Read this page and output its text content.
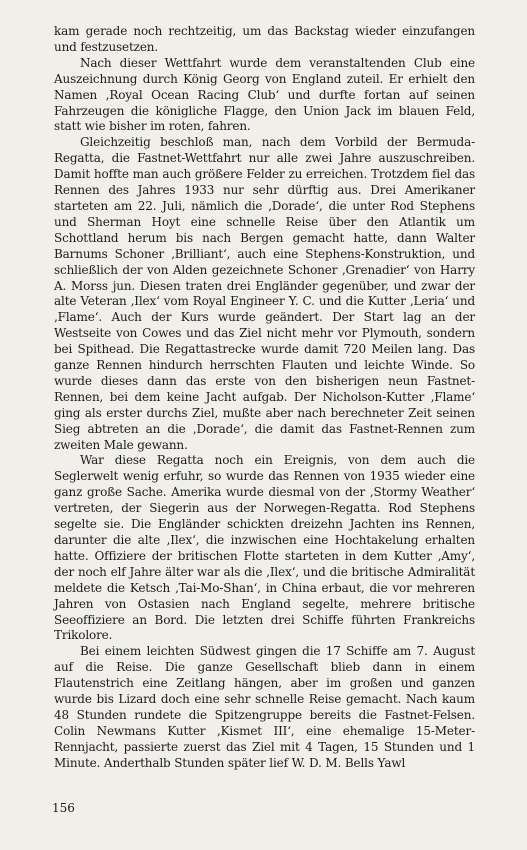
kam gerade noch rechtzeitig, um das Backstag wieder einzufangen und festzusetzen.

Nach dieser Wettfahrt wurde dem veranstaltenden Club eine Auszeichnung durch König Georg von England zuteil. Er erhielt den Namen ‚Royal Ocean Racing Club‘ und durfte fortan auf seinen Fahrzeugen die königliche Flagge, den Union Jack im blauen Feld, statt wie bisher im roten, fahren.

Gleichzeitig beschloß man, nach dem Vorbild der Bermuda-Regatta, die Fastnet-Wettfahrt nur alle zwei Jahre auszuschreiben. Damit hoffte man auch größere Felder zu erreichen. Trotzdem fiel das Rennen des Jahres 1933 nur sehr dürftig aus. Drei Amerikaner starteten am 22. Juli, nämlich die ‚Dorade‘, die unter Rod Stephens und Sherman Hoyt eine schnelle Reise über den Atlantik um Schottland herum bis nach Bergen gemacht hatte, dann Walter Barnums Schoner ‚Brilliant‘, auch eine Stephens-Konstruktion, und schließlich der von Alden gezeichnete Schoner ‚Grenadier‘ von Harry A. Morss jun. Diesen traten drei Engländer gegenüber, und zwar der alte Veteran ‚Ilex‘ vom Royal Engineer Y. C. und die Kutter ‚Leria‘ und ‚Flame‘. Auch der Kurs wurde geändert. Der Start lag an der Westseite von Cowes und das Ziel nicht mehr vor Plymouth, sondern bei Spithead. Die Regattastrecke wurde damit 720 Meilen lang. Das ganze Rennen hindurch herrschten Flauten und leichte Winde. So wurde dieses dann das erste von den bisherigen neun Fastnet-Rennen, bei dem keine Jacht aufgab. Der Nicholson-Kutter ‚Flame‘ ging als erster durchs Ziel, mußte aber nach berechneter Zeit seinen Sieg abtreten an die ‚Dorade‘, die damit das Fastnet-Rennen zum zweiten Male gewann.

War diese Regatta noch ein Ereignis, von dem auch die Seglerwelt wenig erfuhr, so wurde das Rennen von 1935 wieder eine ganz große Sache. Amerika wurde diesmal von der ‚Stormy Weather‘ vertreten, der Siegerin aus der Norwegen-Regatta. Rod Stephens segelte sie. Die Engländer schickten dreizehn Jachten ins Rennen, darunter die alte ‚Ilex‘, die inzwischen eine Hochtakelung erhalten hatte. Offiziere der britischen Flotte starteten in dem Kutter ‚Amy‘, der noch elf Jahre älter war als die ‚Ilex‘, und die britische Admiralität meldete die Ketsch ‚Tai-Mo-Shan‘, in China erbaut, die vor mehreren Jahren von Ostasien nach England segelte, mehrere britische Seeoffiziere an Bord. Die letzten drei Schiffe führten Frankreichs Trikolore.

Bei einem leichten Südwest gingen die 17 Schiffe am 7. August auf die Reise. Die ganze Gesellschaft blieb dann in einem Flautenstrich eine Zeitlang hängen, aber im großen und ganzen wurde bis Lizard doch eine sehr schnelle Reise gemacht. Nach kaum 48 Stunden rundete die Spitzengruppe bereits die Fastnet-Felsen. Colin Newmans Kutter ‚Kismet III‘, eine ehemalige 15-Meter-Rennjacht, passierte zuerst das Ziel mit 4 Tagen, 15 Stunden und 1 Minute. Anderthalb Stunden später lief W. D. M. Bells Yawl

156
